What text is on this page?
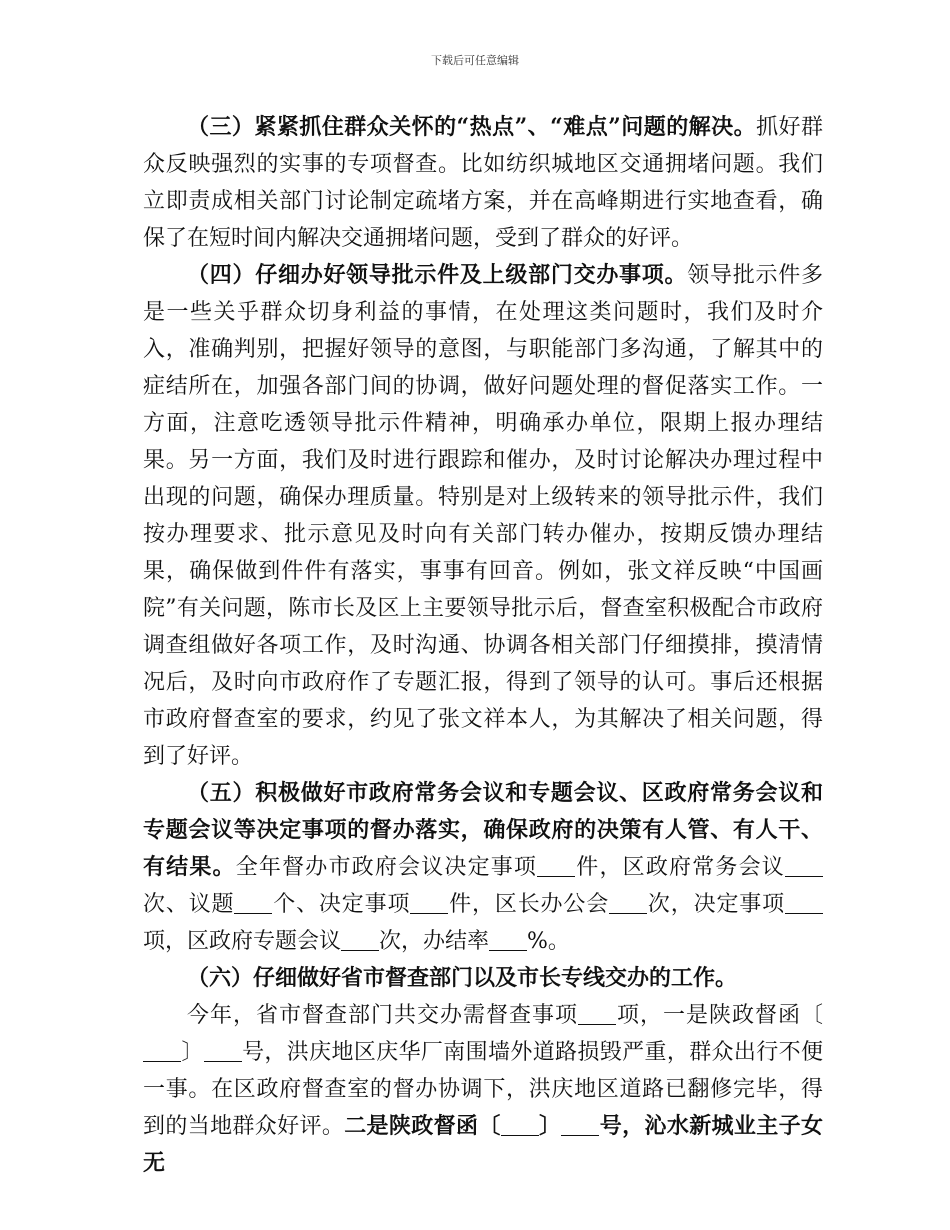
下载后可任意编辑

（三）紧紧抓住群众关怀的“热点”、“难点”问题的解决。抓好群众反映强烈的实事的专项督查。比如纺织城地区交通拥堵问题。我们立即责成相关部门讨论制定疏堵方案，并在高峰期进行实地查看，确保了在短时间内解决交通拥堵问题，受到了群众的好评。

（四）仔细办好领导批示件及上级部门交办事项。领导批示件多是一些关乎群众切身利益的事情，在处理这类问题时，我们及时介入，准确判别，把握好领导的意图，与职能部门多沟通，了解其中的症结所在，加强各部门间的协调，做好问题处理的督促落实工作。一方面，注意吃透领导批示件精神，明确承办单位，限期上报办理结果。另一方面，我们及时进行跟踪和催办，及时讨论解决办理过程中出现的问题，确保办理质量。特别是对上级转来的领导批示件，我们按办理要求、批示意见及时向有关部门转办催办，按期反馈办理结果，确保做到件件有落实，事事有回音。例如，张文祥反映“中国画院”有关问题，陈市长及区上主要领导批示后，督查室积极配合市政府调查组做好各项工作，及时沟通、协调各相关部门仔细摸排，摸清情况后，及时向市政府作了专题汇报，得到了领导的认可。事后还根据市政府督查室的要求，约见了张文祥本人，为其解决了相关问题，得到了好评。

（五）积极做好市政府常务会议和专题会议、区政府常务会议和专题会议等决定事项的督办落实，确保政府的决策有人管、有人干、有结果。全年督办市政府会议决定事项 件，区政府常务会议次、议题 个、决定事项 件，区长办公会 次，决定事项项，区政府专题会议 次，办结率 %。

（六）仔细做好省市督查部门以及市长专线交办的工作。

今年，省市督查部门共交办需督查事项 项，一是陕政督函〔〕 号，洪庆地区庆华厂南围墙外道路损毁严重，群众出行不便一事。在区政府督查室的督办协调下，洪庆地区道路已翻修完毕，得到的当地群众好评。二是陕政督函〔 〕 号，沁水新城业主子女无
